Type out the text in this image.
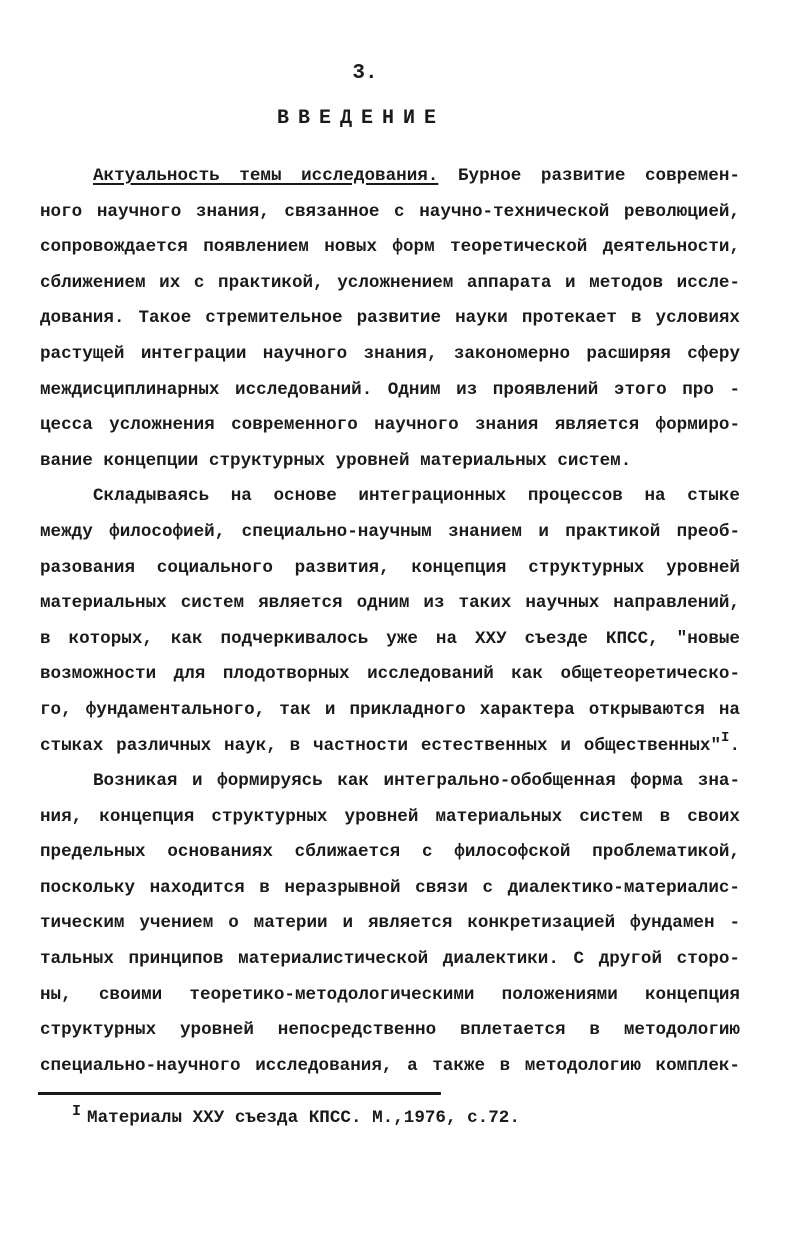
3.
ВВЕДЕНИЕ
Актуальность темы исследования. Бурное развитие современ-
ного научного знания, связанное с научно-технической революцией,
сопровождается появлением новых форм теоретической деятельности,
сближением их с практикой, усложнением аппарата и методов иссле-
дования. Такое стремительное развитие науки протекает в условиях
растущей интеграции научного знания, закономерно расширяя сферу
междисциплинарных исследований. Одним из проявлений этого про -
цесса усложнения современного научного знания является формиро-
вание концепции структурных уровней материальных систем.
Складываясь на основе интеграционных процессов на стыке
между философией, специально-научным знанием и практикой преоб-
разования социального развития, концепция структурных уровней
материальных систем является одним из таких научных направлений,
в которых, как подчеркивалось уже на XXУ съезде КПСС, "новые
возможности для плодотворных исследований как общетеоретическо-
го, фундаментального, так и прикладного характера открываются на
стыках различных наук, в частности естественных и общественных"$^I$.
Возникая и формируясь как интегрально-обобщенная форма зна-
ния, концепция структурных уровней материальных систем в своих
предельных основаниях сближается с философской проблематикой,
поскольку находится в неразрывной связи с диалектико-материалис-
тическим учением о материи и является конкретизацией фундамен -
тальных принципов материалистической диалектики. С другой сторо-
ны, своими теоретико-методологическими положениями концепция
структурных уровней непосредственно вплетается в методологию
специально-научного исследования, а также в методологию комплек-
I Материалы XXУ съезда КПСС. М.,1976, с.72.
